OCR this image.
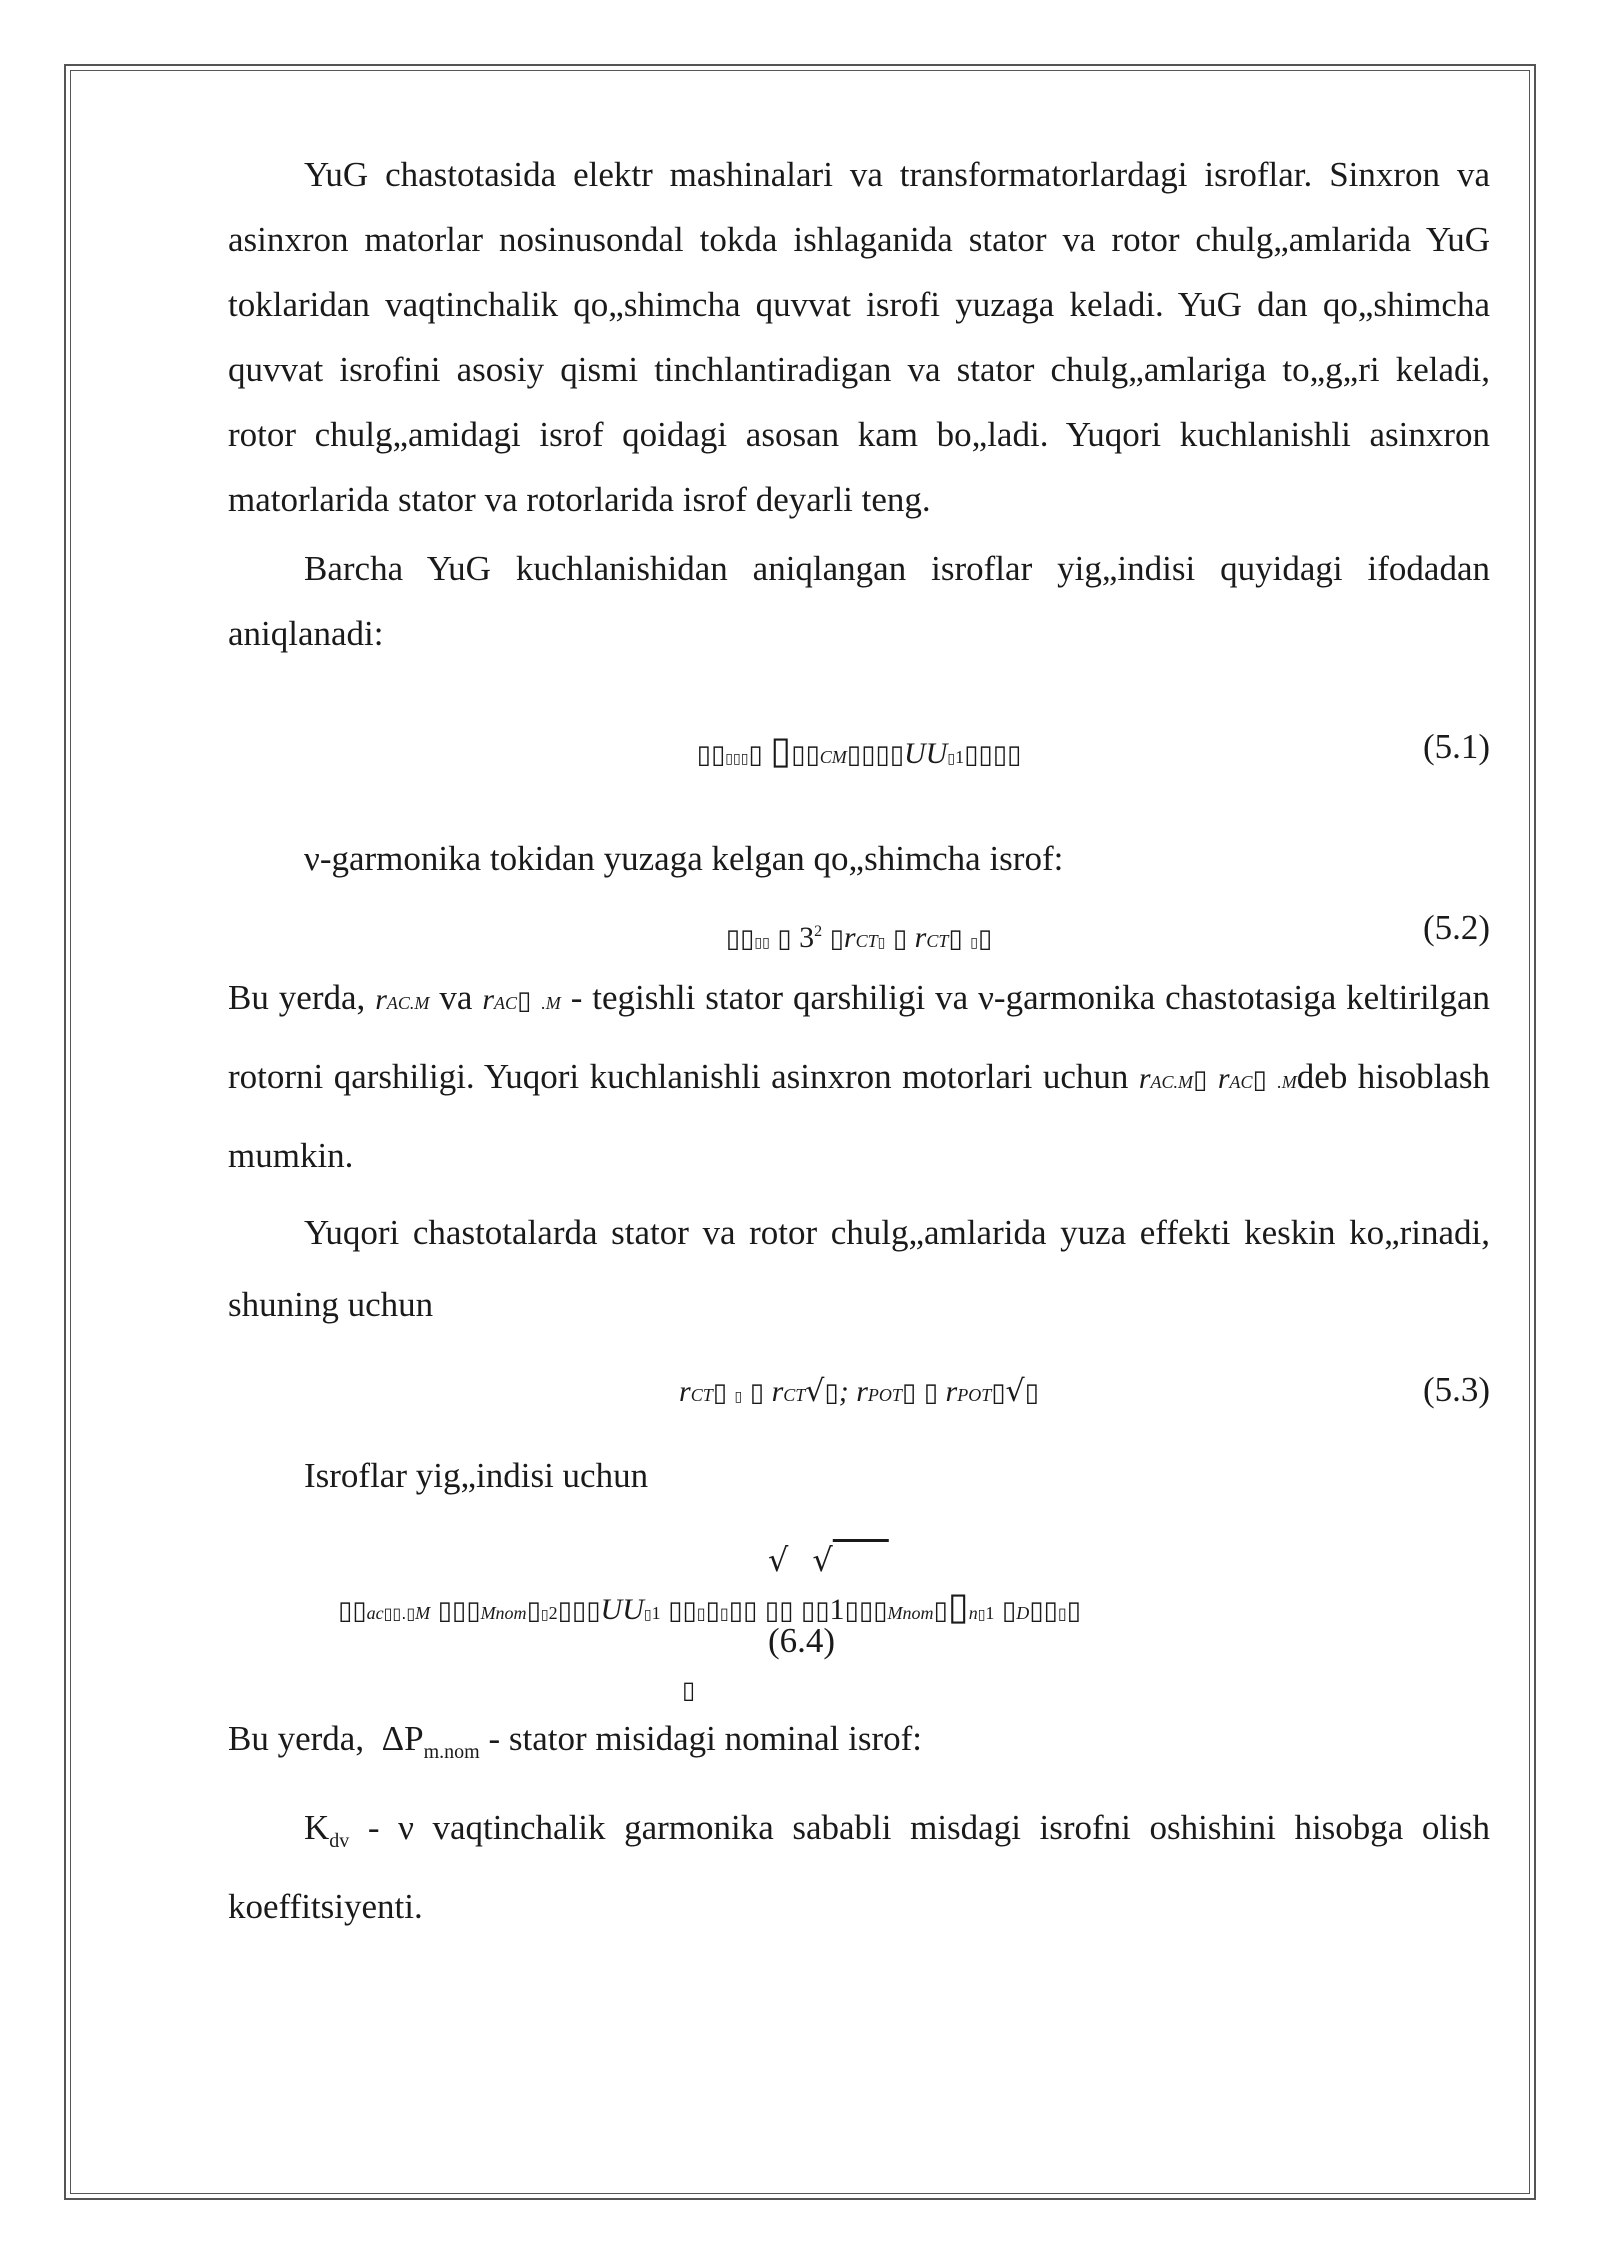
YuG chastotasida elektr mashinalari va transformatorlardagi isroflar. Sinxron va asinxron matorlar nosinusondal tokda ishlaganida stator va rotor chulg„amlarida YuG toklaridan vaqtinchalik qo„shimcha quvvat isrofi yuzaga keladi. YuG dan qo„shimcha quvvat isrofini asosiy qismi tinchlantiradigan va stator chulg„amlariga to„g„ri keladi, rotor chulg„amidagi isrof qoidagi asosan kam bo„ladi. Yuqori kuchlanishli asinxron matorlarida stator va rotorlarida isrof deyarli teng.

Barcha YuG kuchlanishidan aniqlangan isroflar yig„indisi quyidagi ifodadan aniqlanadi:

▯▯▯▯▯▯ ▯▯▯CM▯▯▯▯UU▯1▯▯▯▯	(5.1)

ν-garmonika tokidan yuzaga kelgan qo„shimcha isrof:

▯▯▯▯ ▯ $3^2$ ▯rCT▯ ▯ rCT▯ ▯▯	(5.2)

Bu yerda, rAC.M va rAC▯ .M - tegishli stator qarshiligi va ν-garmonika chastotasiga keltirilgan rotorni qarshiligi. Yuqori kuchlanishli asinxron motorlari uchun rAC.M▯ rAC▯ .Mdeb hisoblash mumkin.

Yuqori chastotalarda stator va rotor chulg„amlarida yuza effekti keskin ko„rinadi, shuning uchun

rCT▯ ▯ ▯ rCT√▯; rPOT▯ ▯ rPOT▯√▯	(5.3)

Isroflar yig„indisi uchun

√ √
▯▯ac▯▯.▯M ▯▯▯Mnom▯▯2▯▯▯UU▯1 ▯▯▯▯▯▯▯ ▯▯ ▯▯1▯▯▯Mnom▯▯n▯1 ▯D▯▯▯▯
(6.4)
▯

Bu yerda, $\Delta P_{m.nom}$ - stator misidagi nominal isrof:

$K_{dv}$ - ν vaqtinchalik garmonika sababli misdagi isrofni oshishini hisobga olish koeffitsiyenti.
